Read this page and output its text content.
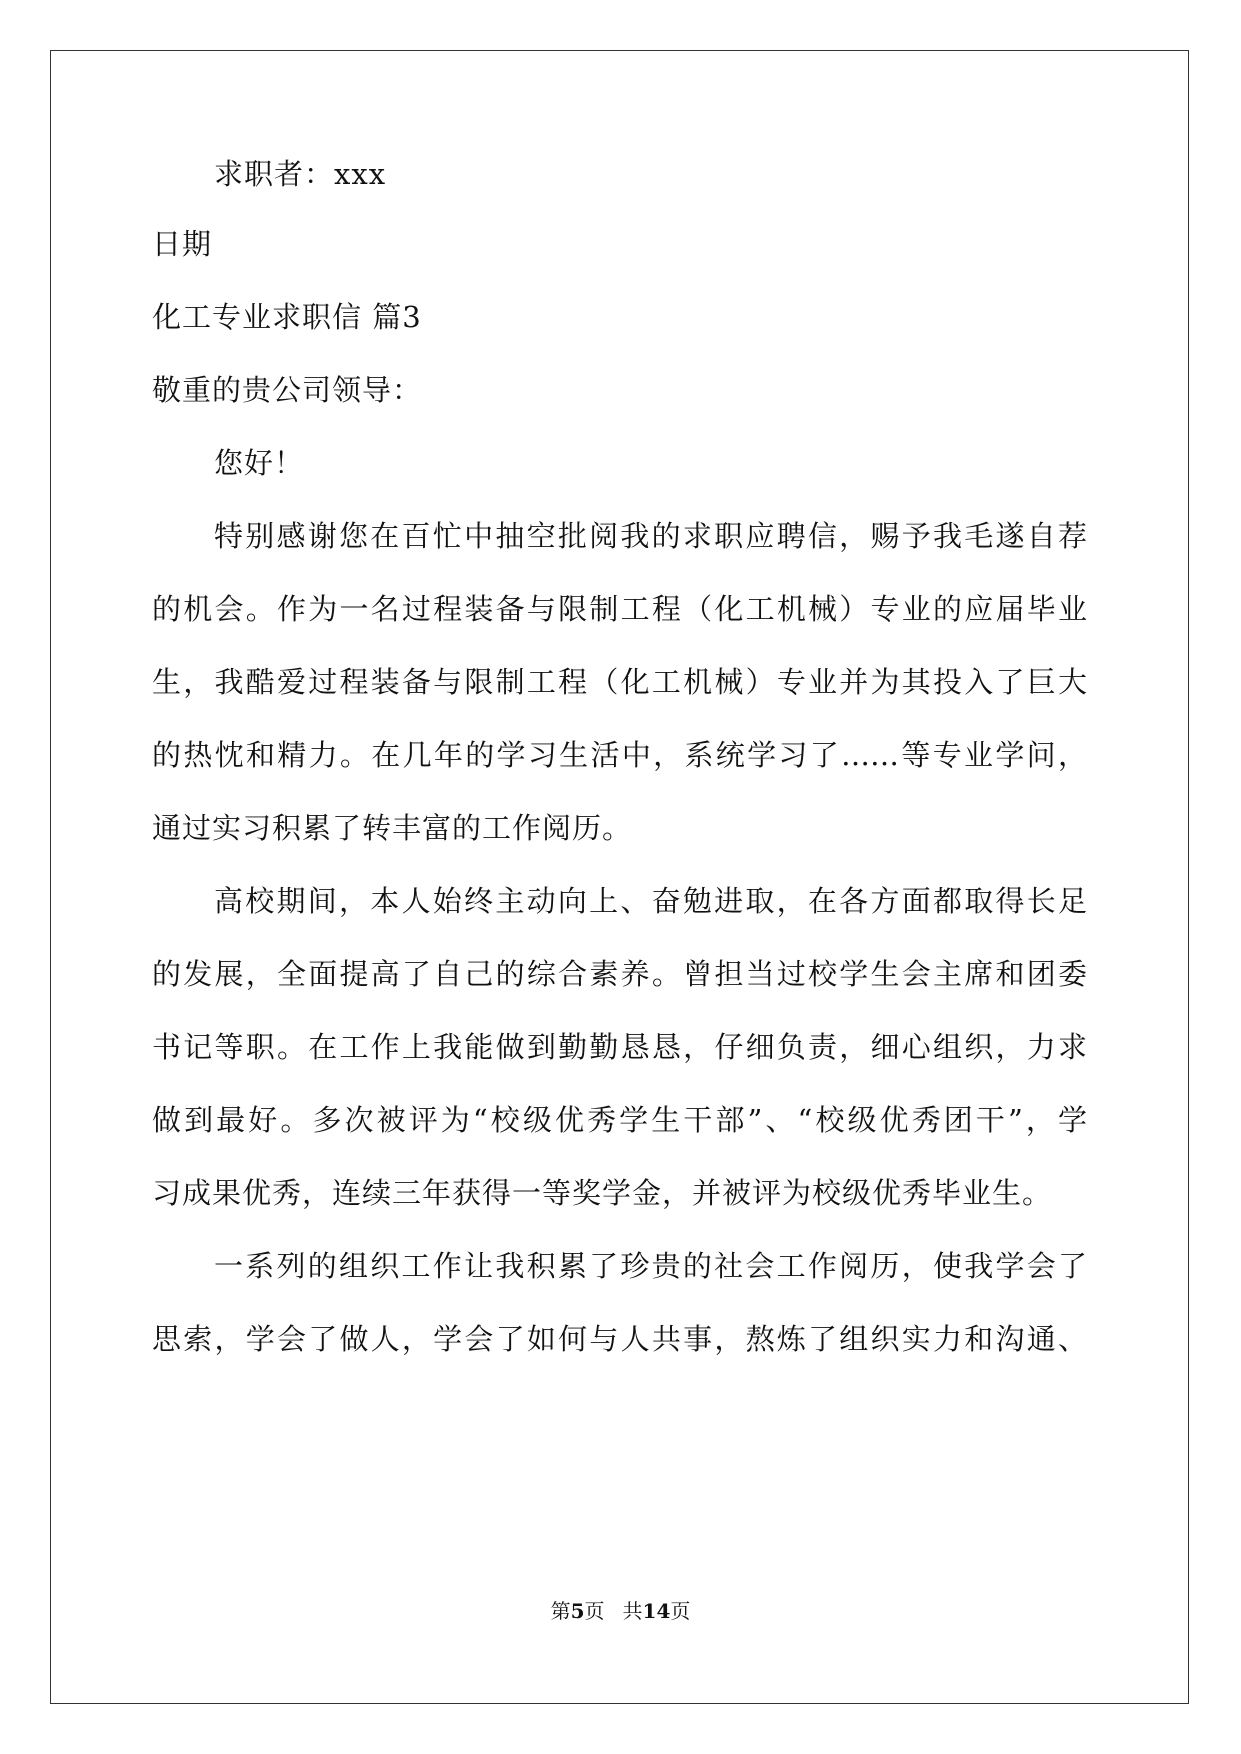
求职者：xxx
日期
化工专业求职信 篇3
敬重的贵公司领导：
您好！
特别感谢您在百忙中抽空批阅我的求职应聘信，赐予我毛遂自荐
的机会。作为一名过程装备与限制工程（化工机械）专业的应届毕业
生，我酷爱过程装备与限制工程（化工机械）专业并为其投入了巨大
的热忱和精力。在几年的学习生活中，系统学习了……等专业学问，
通过实习积累了转丰富的工作阅历。
高校期间，本人始终主动向上、奋勉进取，在各方面都取得长足
的发展，全面提高了自己的综合素养。曾担当过校学生会主席和团委
书记等职。在工作上我能做到勤勤恳恳，仔细负责，细心组织，力求
做到最好。多次被评为“校级优秀学生干部”、“校级优秀团干”，学
习成果优秀，连续三年获得一等奖学金，并被评为校级优秀毕业生。
一系列的组织工作让我积累了珍贵的社会工作阅历，使我学会了
思索，学会了做人，学会了如何与人共事，熬炼了组织实力和沟通、
第5页 共14页
